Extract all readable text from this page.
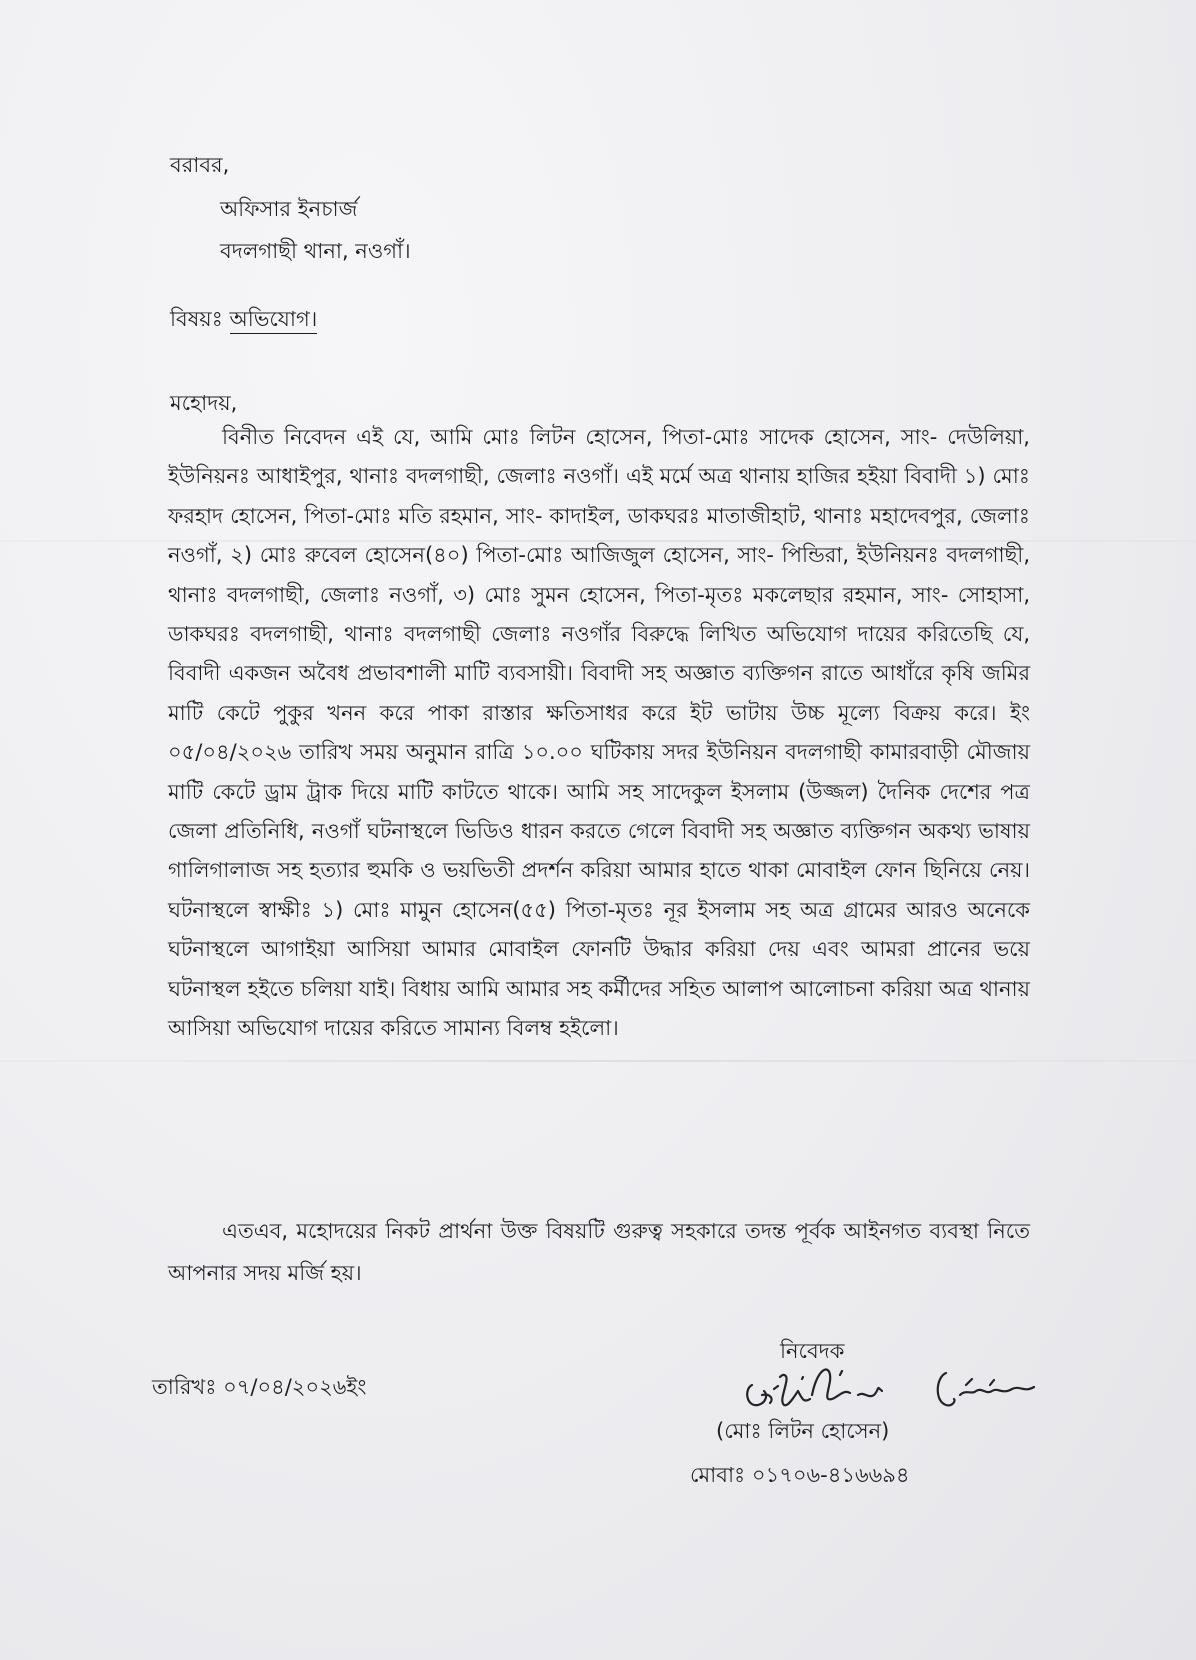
বরাবর,
অফিসার ইনচার্জ
বদলগাছী থানা, নওগাঁ।
বিষয়ঃ অভিযোগ।
মহোদয়,
বিনীত নিবেদন এই যে, আমি মোঃ লিটন হোসেন, পিতা-মোঃ সাদেক হোসেন, সাং- দেউলিয়া, ইউনিয়নঃ আধাইপুর, থানাঃ বদলগাছী, জেলাঃ নওগাঁ। এই মর্মে অত্র থানায় হাজির হইয়া বিবাদী ১) মোঃ ফরহাদ হোসেন, পিতা-মোঃ মতি রহমান, সাং- কাদাইল, ডাকঘরঃ মাতাজীহাট, থানাঃ মহাদেবপুর, জেলাঃ নওগাঁ, ২) মোঃ রুবেল হোসেন(৪০) পিতা-মোঃ আজিজুল হোসেন, সাং- পিন্ডিরা, ইউনিয়নঃ বদলগাছী, থানাঃ বদলগাছী, জেলাঃ নওগাঁ, ৩) মোঃ সুমন হোসেন, পিতা-মৃতঃ মকলেছার রহমান, সাং- সোহাসা, ডাকঘরঃ বদলগাছী, থানাঃ বদলগাছী জেলাঃ নওগাঁর বিরুদ্ধে লিখিত অভিযোগ দায়ের করিতেছি যে, বিবাদী একজন অবৈধ প্রভাবশালী মাটি ব্যবসায়ী। বিবাদী সহ অজ্ঞাত ব্যক্তিগন রাতে আধাঁরে কৃষি জমির মাটি কেটে পুকুর খনন করে পাকা রাস্তার ক্ষতিসাধর করে ইট ভাটায় উচ্চ মূল্যে বিক্রয় করে। ইং ০৫/০৪/২০২৬ তারিখ সময় অনুমান রাত্রি ১০.০০ ঘটিকায় সদর ইউনিয়ন বদলগাছী কামারবাড়ী মৌজায় মাটি কেটে ড্রাম ট্রাক দিয়ে মাটি কাটতে থাকে। আমি সহ সাদেকুল ইসলাম (উজ্জল) দৈনিক দেশের পত্র জেলা প্রতিনিধি, নওগাঁ ঘটনাস্থলে ভিডিও ধারন করতে গেলে বিবাদী সহ অজ্ঞাত ব্যক্তিগন অকথ্য ভাষায় গালিগালাজ সহ হত্যার হুমকি ও ভয়ভিতী প্রদর্শন করিয়া আমার হাতে থাকা মোবাইল ফোন ছিনিয়ে নেয়। ঘটনাস্থলে স্বাক্ষীঃ ১) মোঃ মামুন হোসেন(৫৫) পিতা-মৃতঃ নূর ইসলাম সহ অত্র গ্রামের আরও অনেকে ঘটনাস্থলে আগাইয়া আসিয়া আমার মোবাইল ফোনটি উদ্ধার করিয়া দেয় এবং আমরা প্রানের ভয়ে ঘটনাস্থল হইতে চলিয়া যাই। বিধায় আমি আমার সহ কর্মীদের সহিত আলাপ আলোচনা করিয়া অত্র থানায় আসিয়া অভিযোগ দায়ের করিতে সামান্য বিলম্ব হইলো।
এতএব, মহোদয়ের নিকট প্রার্থনা উক্ত বিষয়টি গুরুত্ব সহকারে তদন্ত পূর্বক আইনগত ব্যবস্থা নিতে আপনার সদয় মর্জি হয়।
নিবেদক
তারিখঃ ০৭/০৪/২০২৬ইং
(মোঃ লিটন হোসেন)
মোবাঃ ০১৭০৬-৪১৬৬৯৪
